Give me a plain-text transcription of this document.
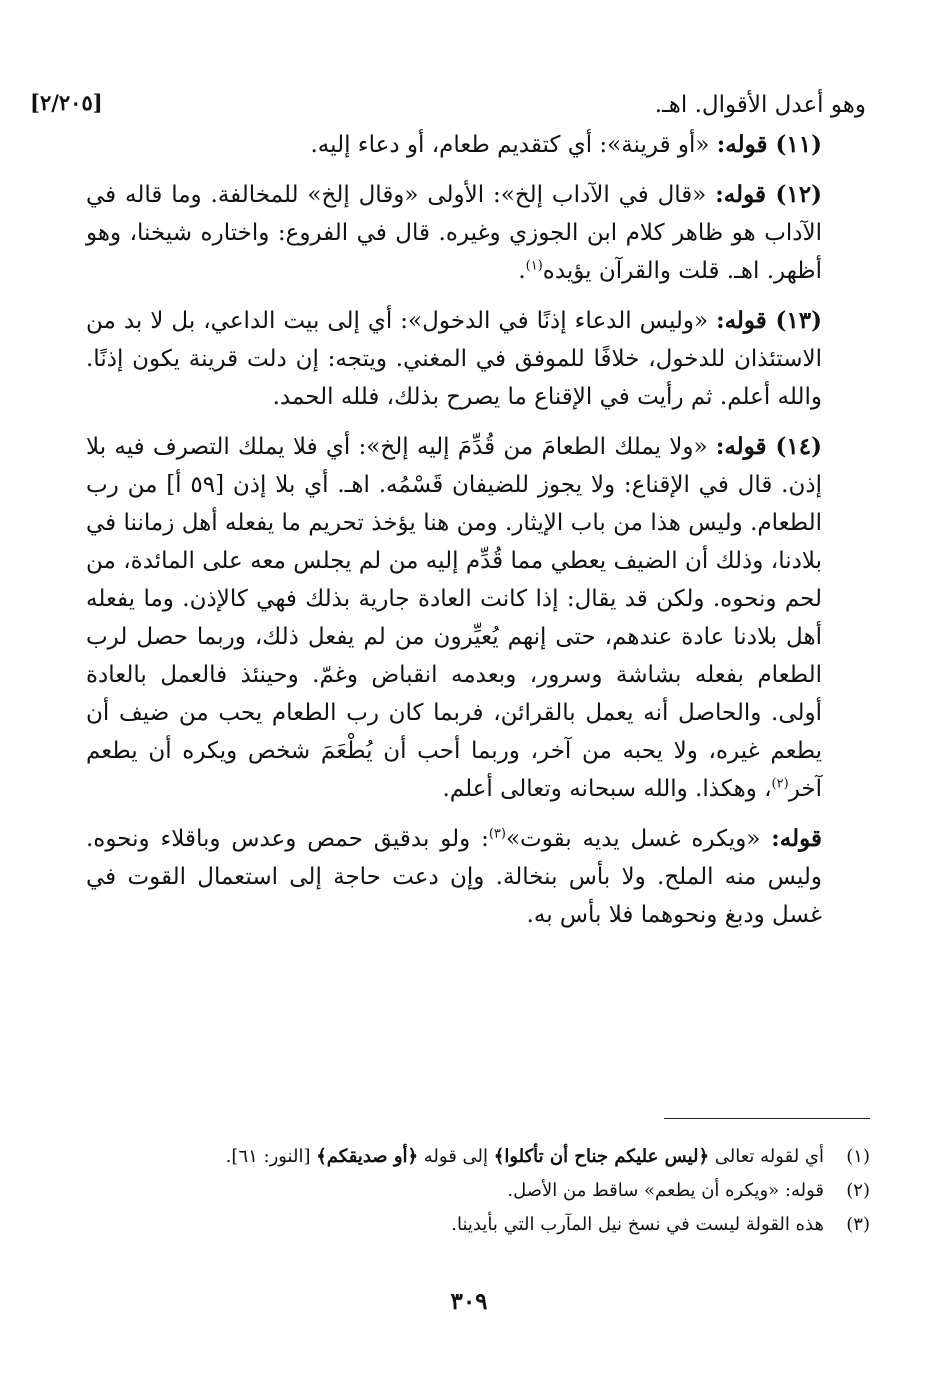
[٢/٢٠٥]	وهو أعدل الأقوال. اهـ.

(١١) قوله: «أو قرينة»: أي كتقديم طعام، أو دعاء إليه.

(١٢) قوله: «قال في الآداب إلخ»: الأولى «وقال إلخ» للمخالفة. وما قاله في الآداب هو ظاهر كلام ابن الجوزي وغيره. قال في الفروع: واختاره شيخنا، وهو أظهر. اهـ. قلت والقرآن يؤيده$^{(١)}$.

(١٣) قوله: «وليس الدعاء إذنًا في الدخول»: أي إلى بيت الداعي، بل لا بد من الاستئذان للدخول، خلافًا للموفق في المغني. ويتجه: إن دلت قرينة يكون إذنًا. والله أعلم. ثم رأيت في الإقناع ما يصرح بذلك، فلله الحمد.

(١٤) قوله: «ولا يملك الطعامَ من قُدِّمَ إليه إلخ»: أي فلا يملك التصرف فيه بلا إذن. قال في الإقناع: ولا يجوز للضيفان قَسْمُه. اهـ. أي بلا إذن [٥٩ أ] من رب الطعام. وليس هذا من باب الإيثار. ومن هنا يؤخذ تحريم ما يفعله أهل زماننا في بلادنا، وذلك أن الضيف يعطي مما قُدِّم إليه من لم يجلس معه على المائدة، من لحم ونحوه. ولكن قد يقال: إذا كانت العادة جارية بذلك فهي كالإذن. وما يفعله أهل بلادنا عادة عندهم، حتى إنهم يُعيِّرون من لم يفعل ذلك، وربما حصل لرب الطعام بفعله بشاشة وسرور، وبعدمه انقباض وغمّ. وحينئذ فالعمل بالعادة أولى. والحاصل أنه يعمل بالقرائن، فربما كان رب الطعام يحب من ضيف أن يطعم غيره، ولا يحبه من آخر، وربما أحب أن يُطْعَمَ شخص ويكره أن يطعم آخر$^{(٢)}$، وهكذا. والله سبحانه وتعالى أعلم.

قوله: «ويكره غسل يديه بقوت»$^{(٣)}$: ولو بدقيق حمص وعدس وباقلاء ونحوه. وليس منه الملح. ولا بأس بنخالة. وإن دعت حاجة إلى استعمال القوت في غسل ودبغ ونحوهما فلا بأس به.

(١)
أي لقوله تعالى ﴿ليس عليكم جناح أن تأكلوا﴾ إلى قوله ﴿أو صديقكم﴾ [النور: ٦١].
(٢)
قوله: «ويكره أن يطعم» ساقط من الأصل.
(٣)
هذه القولة ليست في نسخ نيل المآرب التي بأيدينا.
٣٠٩
